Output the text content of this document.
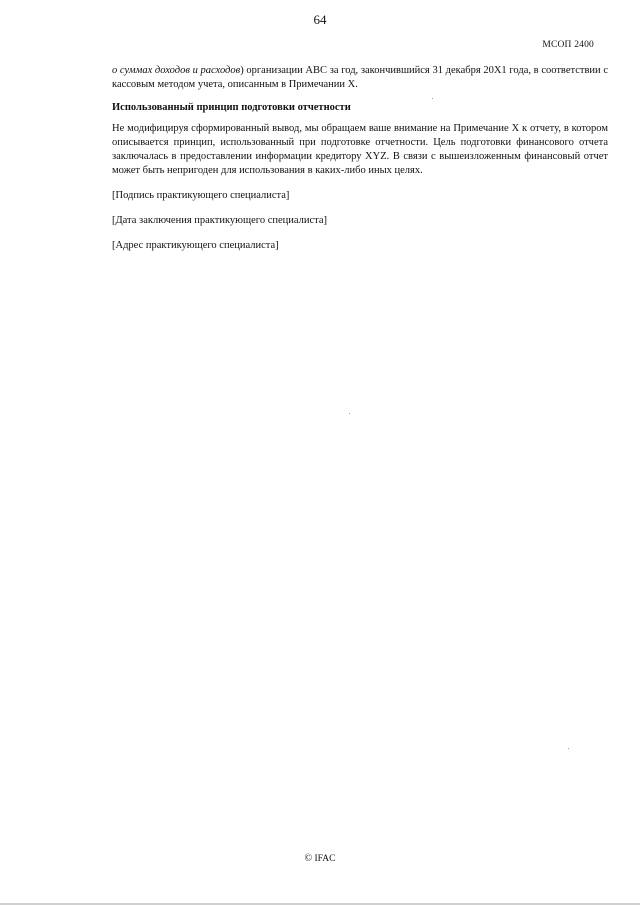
64
МСОП 2400

о суммах доходов и расходов) организации АВС за год, закончившийся 31 декабря 20Х1 года, в соответствии с кассовым методом учета, описанным в Примечании Х.

Использованный принцип подготовки отчетности

Не модифицируя сформированный вывод, мы обращаем ваше внимание на Примечание Х к отчету, в котором описывается принцип, использованный при подготовке отчетности. Цель подготовки финансового отчета заключалась в предоставлении информации кредитору XYZ. В связи с вышеизложенным финансовый отчет может быть непригоден для использования в каких-либо иных целях.

[Подпись практикующего специалиста]

[Дата заключения практикующего специалиста]

[Адрес практикующего специалиста]

© IFAC
